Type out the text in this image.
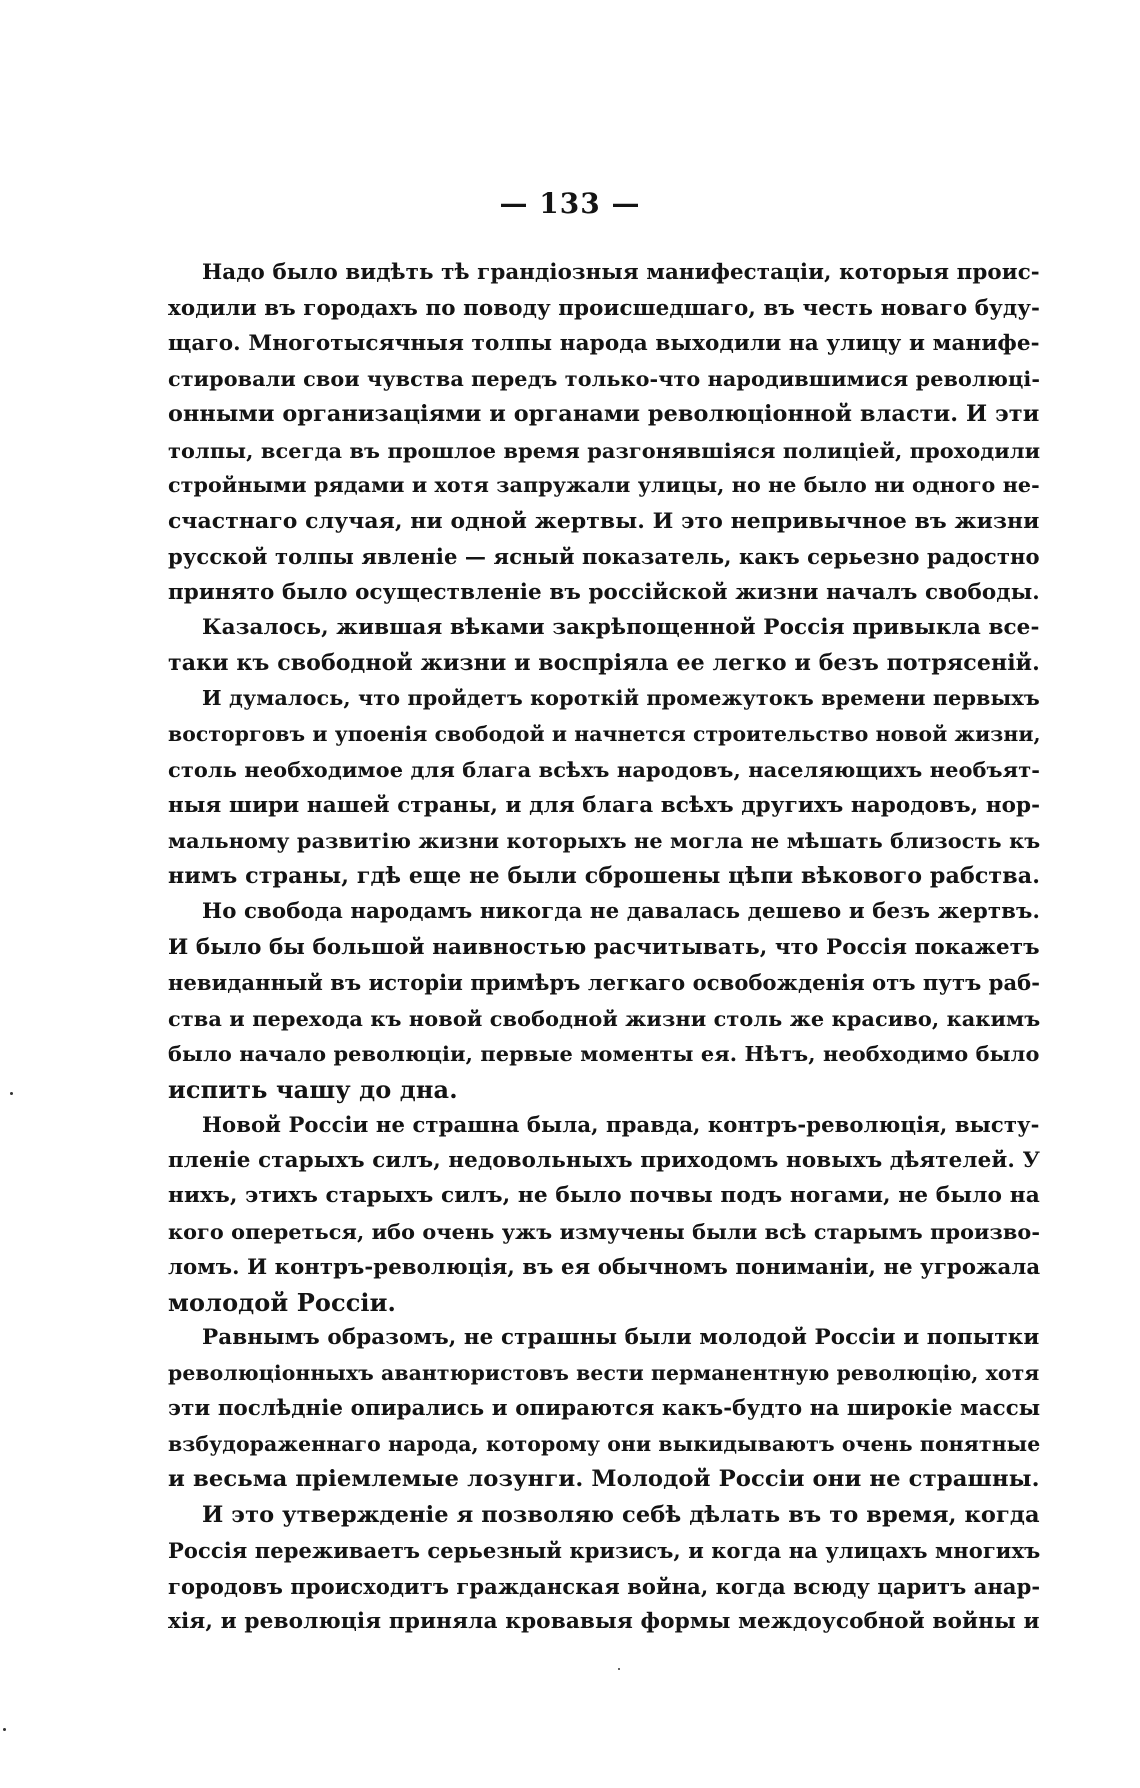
— 133 —
Надо было видѣть тѣ грандiозныя манифестацiи, которыя проис-
ходили въ городахъ по поводу происшедшаго, въ честь новаго буду-
щаго. Многотысячныя толпы народа выходили на улицу и манифе-
стировали свои чувства передъ только-что народившимися революцi-
онными организацiями и органами революцiонной власти. И эти
толпы, всегда въ прошлое время разгонявшiяся полицiей, проходили
стройными рядами и хотя запружали улицы, но не было ни одного не-
счастнаго случая, ни одной жертвы. И это непривычное въ жизни
русской толпы явленiе — ясный показатель, какъ серьезно радостно
принято было осуществленiе въ россiйской жизни началъ свободы.
Казалось, жившая вѣками закрѣпощенной Россiя привыкла все-
таки къ свободной жизни и воспрiяла ее легко и безъ потрясенiй.
И думалось, что пройдетъ короткiй промежутокъ времени первыхъ
восторговъ и упоенiя свободой и начнется строительство новой жизни,
столь необходимое для блага всѣхъ народовъ, населяющихъ необъят-
ныя шири нашей страны, и для блага всѣхъ другихъ народовъ, нор-
мальному развитiю жизни которыхъ не могла не мѣшать близость къ
нимъ страны, гдѣ еще не были сброшены цѣпи вѣкового рабства.
Но свобода народамъ никогда не давалась дешево и безъ жертвъ.
И было бы большой наивностью расчитывать, что Россiя покажетъ
невиданный въ исторiи примѣръ легкаго освобожденiя отъ путъ раб-
ства и перехода къ новой свободной жизни столь же красиво, какимъ
было начало революцiи, первые моменты ея. Нѣтъ, необходимо было
испить чашу до дна.
Новой Россiи не страшна была, правда, контръ-революцiя, высту-
пленiе старыхъ силъ, недовольныхъ приходомъ новыхъ дѣятелей. У
нихъ, этихъ старыхъ силъ, не было почвы подъ ногами, не было на
кого опереться, ибо очень ужъ измучены были всѣ старымъ произво-
ломъ. И контръ-революцiя, въ ея обычномъ пониманiи, не угрожала
молодой Россiи.
Равнымъ образомъ, не страшны были молодой Россiи и попытки
революцiонныхъ авантюристовъ вести перманентную революцiю, хотя
эти послѣднiе опирались и опираются какъ-будто на широкiе массы
взбудораженнаго народа, которому они выкидываютъ очень понятные
и весьма прiемлемые лозунги. Молодой Россiи они не страшны.
И это утвержденiе я позволяю себѣ дѣлать въ то время, когда
Россiя переживаетъ серьезный кризисъ, и когда на улицахъ многихъ
городовъ происходитъ гражданская война, когда всюду царитъ анар-
хiя, и революцiя приняла кровавыя формы междоусобной войны и
